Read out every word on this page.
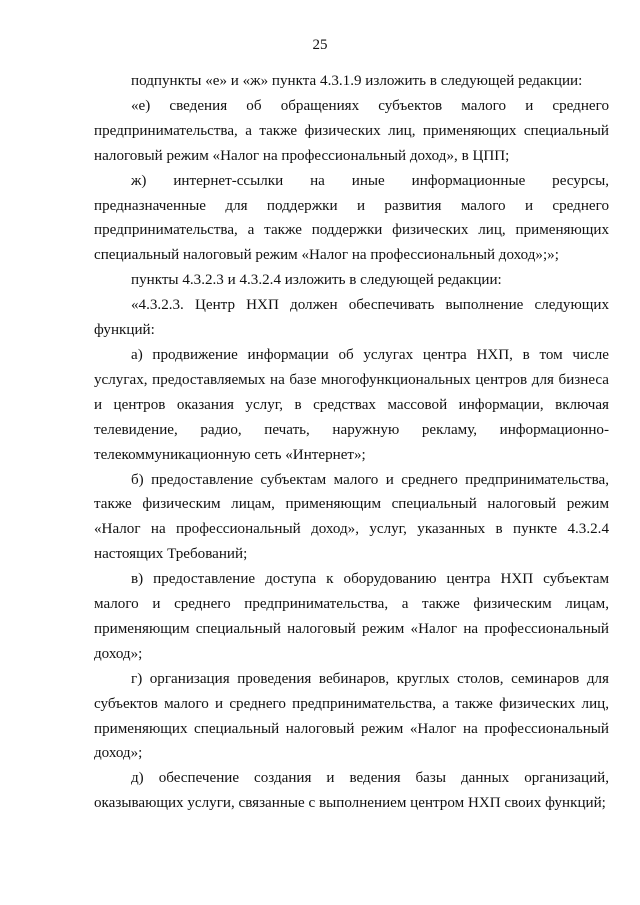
25

подпункты «е» и «ж» пункта 4.3.1.9 изложить в следующей редакции:

«е) сведения об обращениях субъектов малого и среднего предпринимательства, а также физических лиц, применяющих специальный налоговый режим «Налог на профессиональный доход», в ЦПП;

ж) интернет-ссылки на иные информационные ресурсы, предназначенные для поддержки и развития малого и среднего предпринимательства, а также поддержки физических лиц, применяющих специальный налоговый режим «Налог на профессиональный доход»;»;

пункты 4.3.2.3 и 4.3.2.4 изложить в следующей редакции:

«4.3.2.3. Центр НХП должен обеспечивать выполнение следующих функций:

а) продвижение информации об услугах центра НХП, в том числе услугах, предоставляемых на базе многофункциональных центров для бизнеса и центров оказания услуг, в средствах массовой информации, включая телевидение, радио, печать, наружную рекламу, информационно-телекоммуникационную сеть «Интернет»;

б) предоставление субъектам малого и среднего предпринимательства, также физическим лицам, применяющим специальный налоговый режим «Налог на профессиональный доход», услуг, указанных в пункте 4.3.2.4 настоящих Требований;

в) предоставление доступа к оборудованию центра НХП субъектам малого и среднего предпринимательства, а также физическим лицам, применяющим специальный налоговый режим «Налог на профессиональный доход»;

г) организация проведения вебинаров, круглых столов, семинаров для субъектов малого и среднего предпринимательства, а также физических лиц, применяющих специальный налоговый режим «Налог на профессиональный доход»;

д) обеспечение создания и ведения базы данных организаций, оказывающих услуги, связанные с выполнением центром НХП своих функций;
